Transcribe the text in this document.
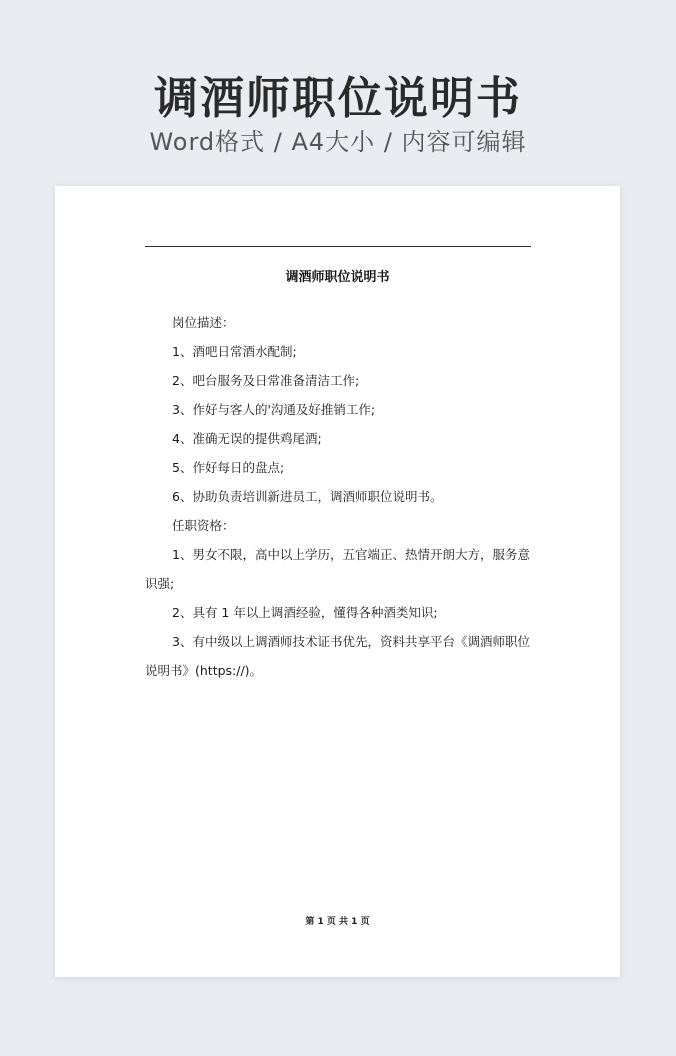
调酒师职位说明书
Word格式 / A4大小 / 内容可编辑
调酒师职位说明书

岗位描述：

1、酒吧日常酒水配制;

2、吧台服务及日常准备清洁工作;

3、作好与客人的'沟通及好推销工作;

4、准确无误的提供鸡尾酒;

5、作好每日的盘点;

6、协助负责培训新进员工，调酒师职位说明书。

任职资格：

1、男女不限，高中以上学历，五官端正、热情开朗大方，服务意识强;

2、具有 1 年以上调酒经验，懂得各种酒类知识;

3、有中级以上调酒师技术证书优先，资料共享平台《调酒师职位说明书》(https://)。

第 1 页 共 1 页
